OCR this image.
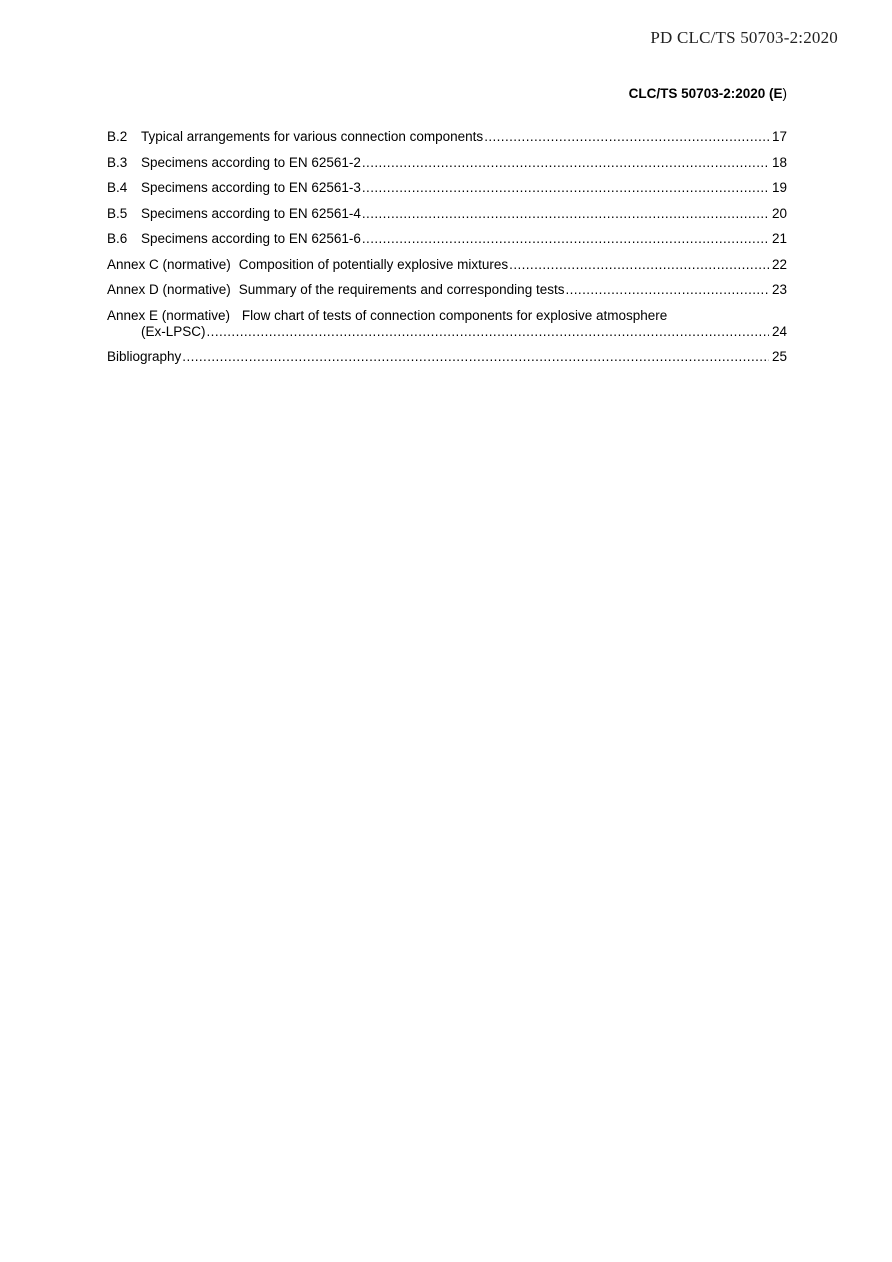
PD CLC/TS 50703-2:2020
CLC/TS 50703-2:2020 (E)
B.2	Typical arrangements for various connection components .....	17
B.3	Specimens according to EN 62561-2 .....	18
B.4	Specimens according to EN 62561-3 .....	19
B.5	Specimens according to EN 62561-4 .....	20
B.6	Specimens according to EN 62561-6 .....	21
Annex C (normative) Composition of potentially explosive mixtures .....	22
Annex D (normative) Summary of the requirements and corresponding tests .....	23
Annex E (normative) Flow chart of tests of connection components for explosive atmosphere
(Ex-LPSC) .....	24
Bibliography .....	25
